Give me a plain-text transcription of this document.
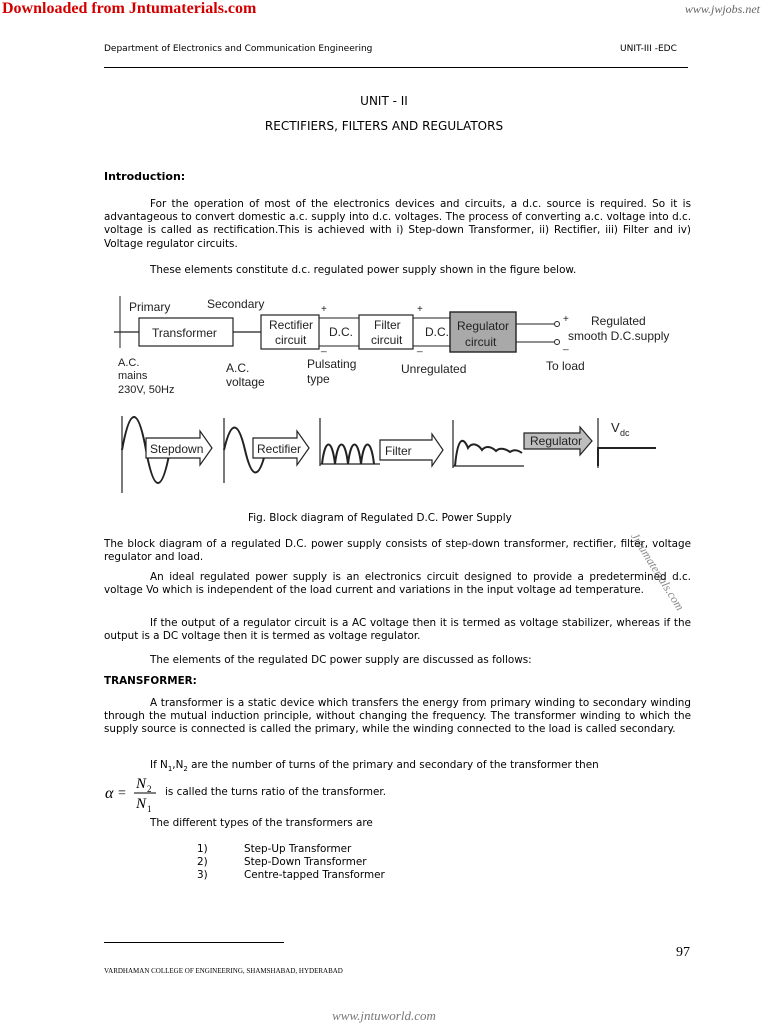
Downloaded from Jntumaterials.com	www.jwjobs.net
Department of Electronics and Communication Engineering	UNIT-III -EDC
UNIT - II
RECTIFIERS, FILTERS AND REGULATORS
Introduction:

For the operation of most of the electronics devices and circuits, a d.c. source is required. So it is advantageous to convert domestic a.c. supply into d.c. voltages. The process of converting a.c. voltage into d.c. voltage is called as rectification.This is achieved with i) Step-down Transformer, ii) Rectifier, iii) Filter and iv) Voltage regulator circuits.

These elements constitute d.c. regulated power supply shown in the figure below.
Primary	Secondary
Transformer
Rectifier
circuit
+
_
D.C. Filter
circuit
+
_
D.C. Regulator
circuit
+
_
Regulated
smooth D.C.supply
A.C.
mains
230V, 50Hz
A.C.
voltage
Pulsating
type
Unregulated	To load
Stepdown	Rectifier	Filter
Regulator
V dc
Jntumaterials.com
Fig. Block diagram of Regulated D.C. Power Supply

The block diagram of a regulated D.C. power supply consists of step-down transformer, rectifier, filter, voltage regulator and load.

An ideal regulated power supply is an electronics circuit designed to provide a predetermined d.c. voltage Vo which is independent of the load current and variations in the input voltage ad temperature.

If the output of a regulator circuit is a AC voltage then it is termed as voltage stabilizer, whereas if the output is a DC voltage then it is termed as voltage regulator.

The elements of the regulated DC power supply are discussed as follows:
TRANSFORMER:

A transformer is a static device which transfers the energy from primary winding to secondary winding through the mutual induction principle, without changing the frequency. The transformer winding to which the supply source is connected is called the primary, while the winding connected to the load is called secondary.

If $N_1,N_2$ are the number of turns of the primary and secondary of the transformer then

α =
N 2
N 1
is called the turns ratio of the transformer.
The different types of the transformers are
1)	Step-Up Transformer
2)	Step-Down Transformer
3)	Centre-tapped Transformer
97
VARDHAMAN COLLEGE OF ENGINEERING, SHAMSHABAD, HYDERABAD
www.jntuworld.com
